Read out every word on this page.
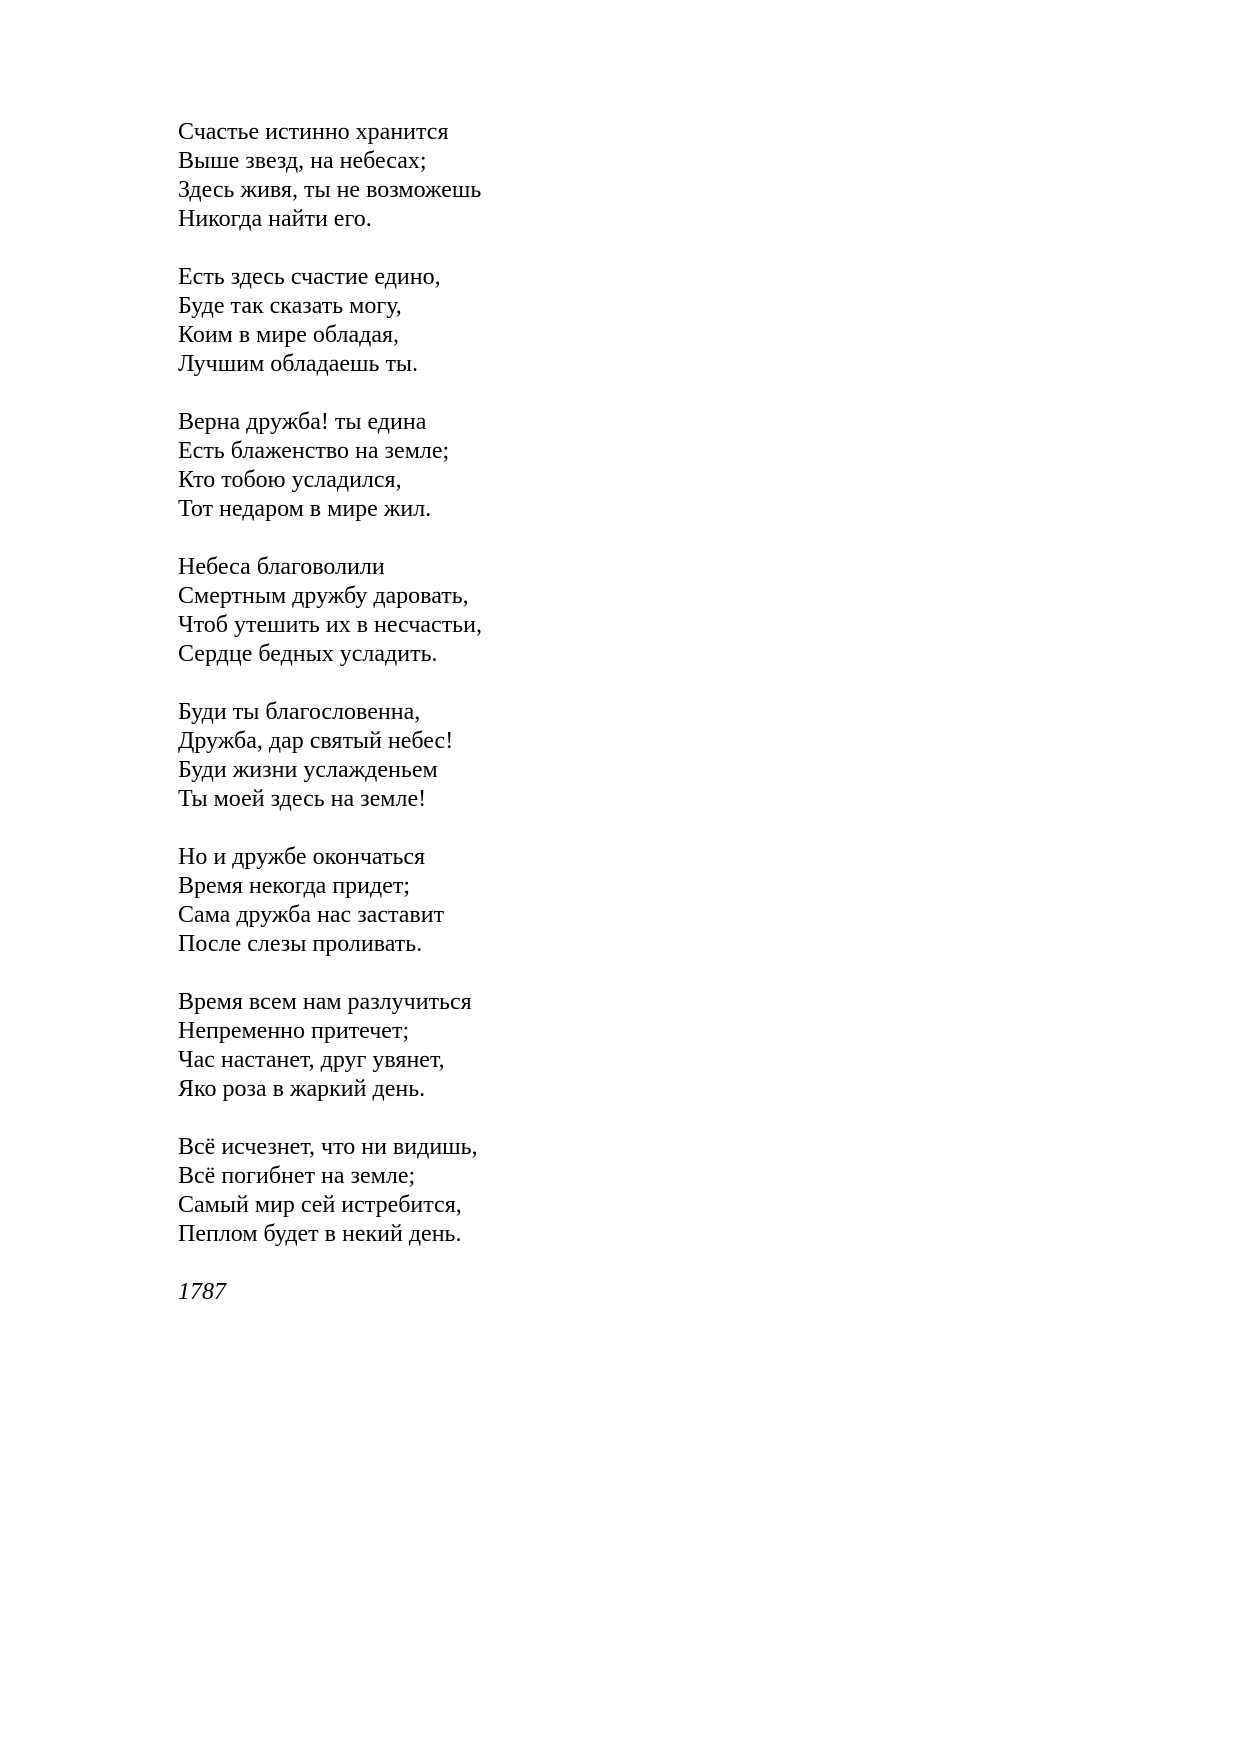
Счастье истинно хранится
Выше звезд, на небесах;
Здесь живя, ты не возможешь
Никогда найти его.
Есть здесь счастие едино,
Буде так сказать могу,
Коим в мире обладая,
Лучшим обладаешь ты.
Верна дружба! ты едина
Есть блаженство на земле;
Кто тобою усладился,
Тот недаром в мире жил.
Небеса благоволили
Смертным дружбу даровать,
Чтоб утешить их в несчастьи,
Сердце бедных усладить.
Буди ты благословенна,
Дружба, дар святый небес!
Буди жизни услажденьем
Ты моей здесь на земле!
Но и дружбе окончаться
Время некогда придет;
Сама дружба нас заставит
После слезы проливать.
Время всем нам разлучиться
Непременно притечет;
Час настанет, друг увянет,
Яко роза в жаркий день.
Всё исчезнет, что ни видишь,
Всё погибнет на земле;
Самый мир сей истребится,
Пеплом будет в некий день.
1787
